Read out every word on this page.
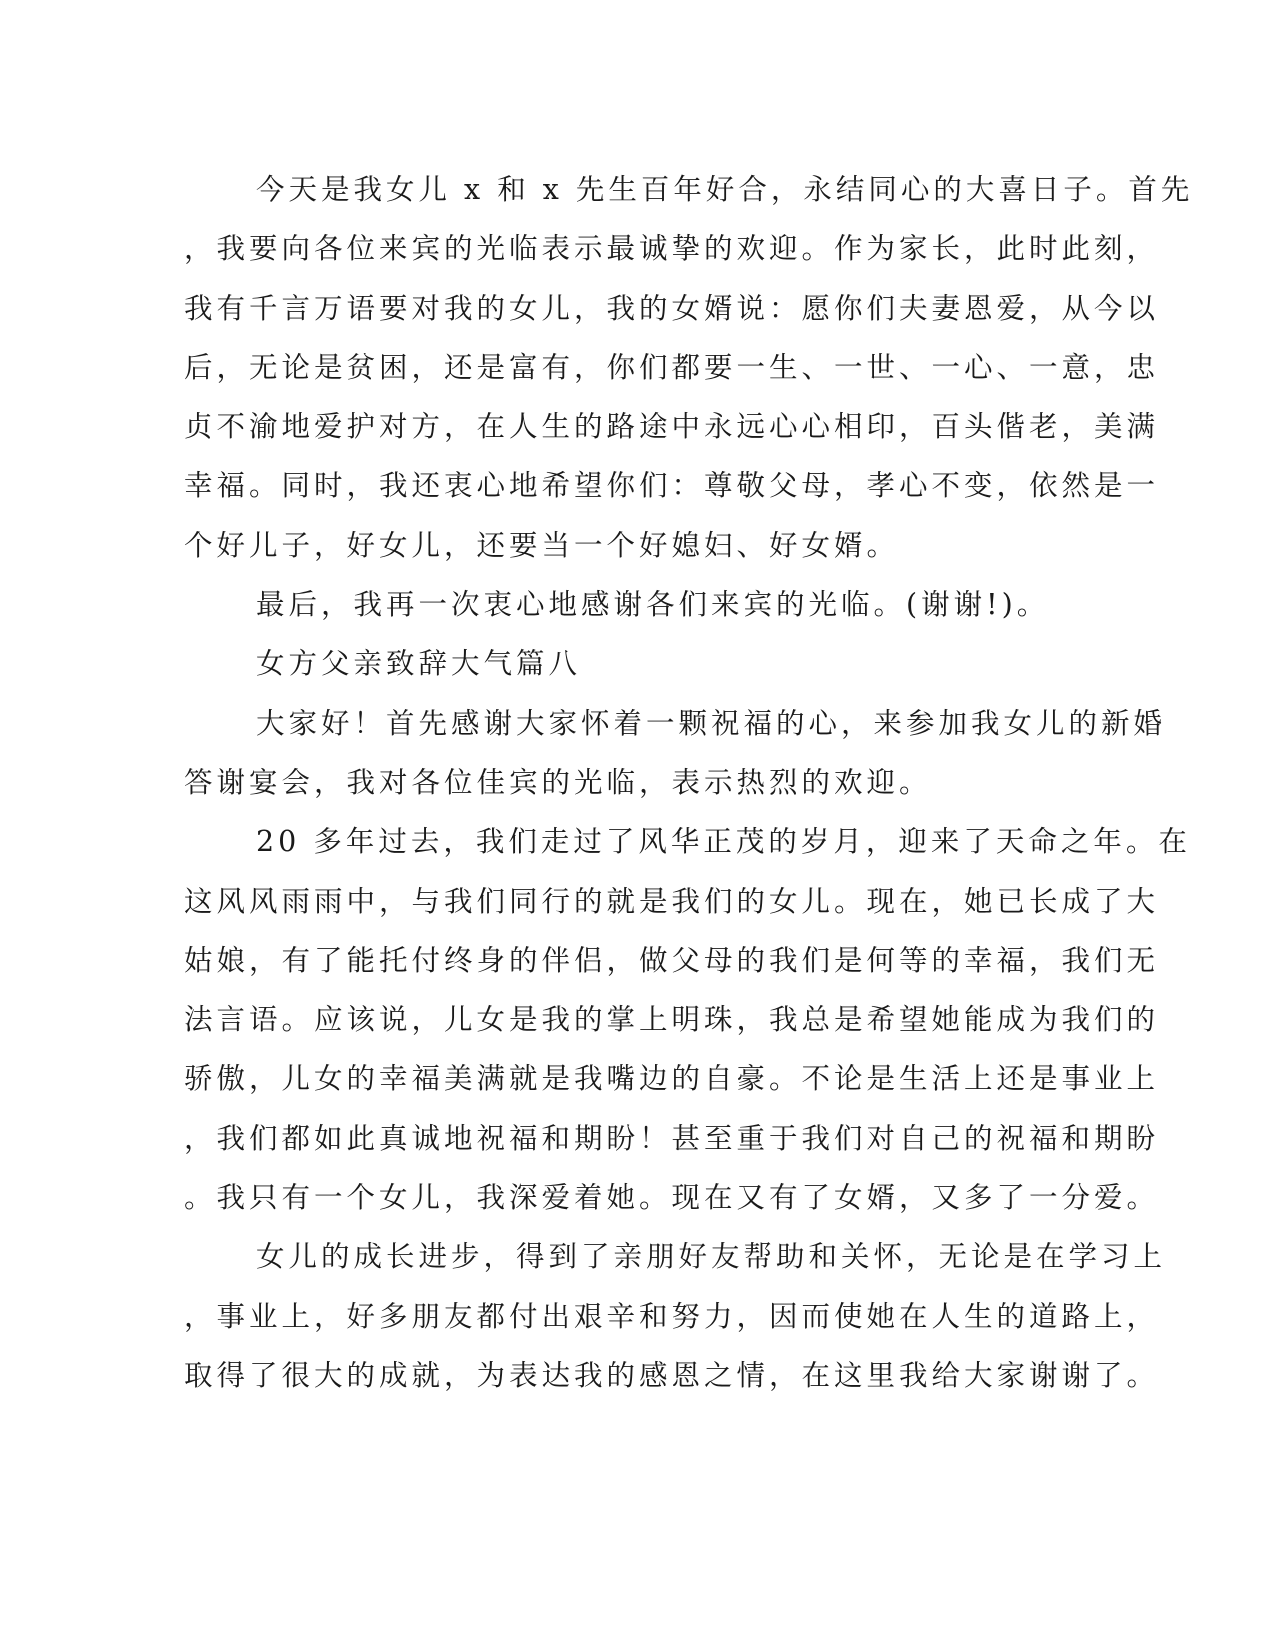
今天是我女儿 x 和 x 先生百年好合，永结同心的大喜日子。首先
，我要向各位来宾的光临表示最诚挚的欢迎。作为家长，此时此刻，
我有千言万语要对我的女儿，我的女婿说：愿你们夫妻恩爱，从今以
后，无论是贫困，还是富有，你们都要一生、一世、一心、一意，忠
贞不渝地爱护对方，在人生的路途中永远心心相印，百头偕老，美满
幸福。同时，我还衷心地希望你们：尊敬父母，孝心不变，依然是一
个好儿子，好女儿，还要当一个好媳妇、好女婿。
最后，我再一次衷心地感谢各们来宾的光临。(谢谢!)。
女方父亲致辞大气篇八
大家好！首先感谢大家怀着一颗祝福的心，来参加我女儿的新婚
答谢宴会，我对各位佳宾的光临，表示热烈的欢迎。
20 多年过去，我们走过了风华正茂的岁月，迎来了天命之年。在
这风风雨雨中，与我们同行的就是我们的女儿。现在，她已长成了大
姑娘，有了能托付终身的伴侣，做父母的我们是何等的幸福，我们无
法言语。应该说，儿女是我的掌上明珠，我总是希望她能成为我们的
骄傲，儿女的幸福美满就是我嘴边的自豪。不论是生活上还是事业上
，我们都如此真诚地祝福和期盼！甚至重于我们对自己的祝福和期盼
。我只有一个女儿，我深爱着她。现在又有了女婿，又多了一分爱。
女儿的成长进步，得到了亲朋好友帮助和关怀，无论是在学习上
，事业上，好多朋友都付出艰辛和努力，因而使她在人生的道路上，
取得了很大的成就，为表达我的感恩之情，在这里我给大家谢谢了。
